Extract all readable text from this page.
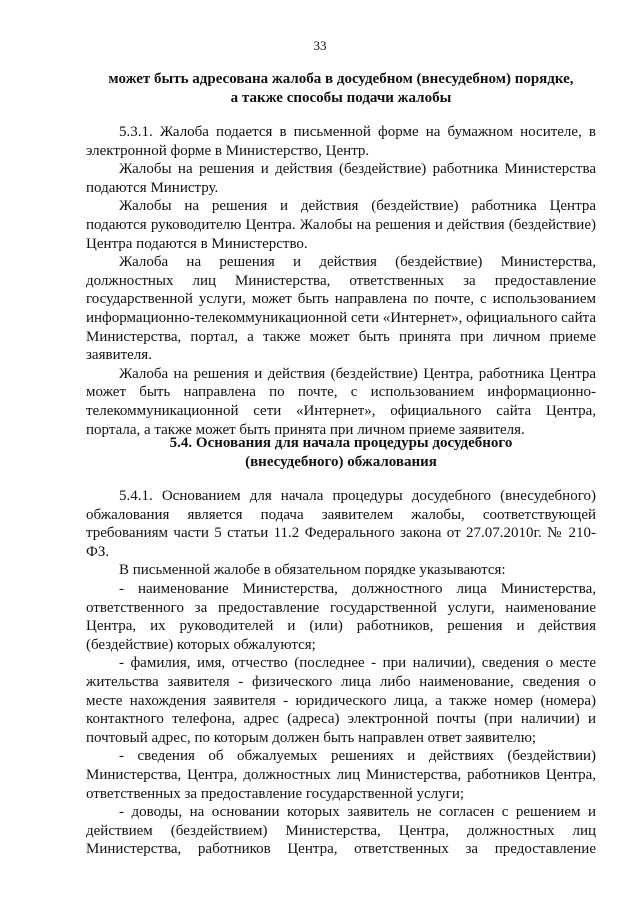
33
может быть адресована жалоба в досудебном (внесудебном) порядке,
а также способы подачи жалобы

5.3.1. Жалоба подается в письменной форме на бумажном носителе, в электронной форме в Министерство, Центр.

Жалобы на решения и действия (бездействие) работника Министерства подаются Министру.

Жалобы на решения и действия (бездействие) работника Центра подаются руководителю Центра. Жалобы на решения и действия (бездействие) Центра подаются в Министерство.

Жалоба на решения и действия (бездействие) Министерства, должностных лиц Министерства, ответственных за предоставление государственной услуги, может быть направлена по почте, с использованием информационно-телекоммуникационной сети «Интернет», официального сайта Министерства, портал, а также может быть принята при личном приеме заявителя.

Жалоба на решения и действия (бездействие) Центра, работника Центра может быть направлена по почте, с использованием информационно-телекоммуникационной сети «Интернет», официального сайта Центра, портала, а также может быть принята при личном приеме заявителя.

5.4. Основания для начала процедуры досудебного
(внесудебного) обжалования

5.4.1. Основанием для начала процедуры досудебного (внесудебного) обжалования является подача заявителем жалобы, соответствующей требованиям части 5 статьи 11.2 Федерального закона от 27.07.2010г. № 210-ФЗ.

В письменной жалобе в обязательном порядке указываются:

- наименование Министерства, должностного лица Министерства, ответственного за предоставление государственной услуги, наименование Центра, их руководителей и (или) работников, решения и действия (бездействие) которых обжалуются;

- фамилия, имя, отчество (последнее - при наличии), сведения о месте жительства заявителя - физического лица либо наименование, сведения о месте нахождения заявителя - юридического лица, а также номер (номера) контактного телефона, адрес (адреса) электронной почты (при наличии) и почтовый адрес, по которым должен быть направлен ответ заявителю;

- сведения об обжалуемых решениях и действиях (бездействии) Министерства, Центра, должностных лиц Министерства, работников Центра, ответственных за предоставление государственной услуги;

- доводы, на основании которых заявитель не согласен с решением и действием (бездействием) Министерства, Центра, должностных лиц Министерства, работников Центра, ответственных за предоставление
